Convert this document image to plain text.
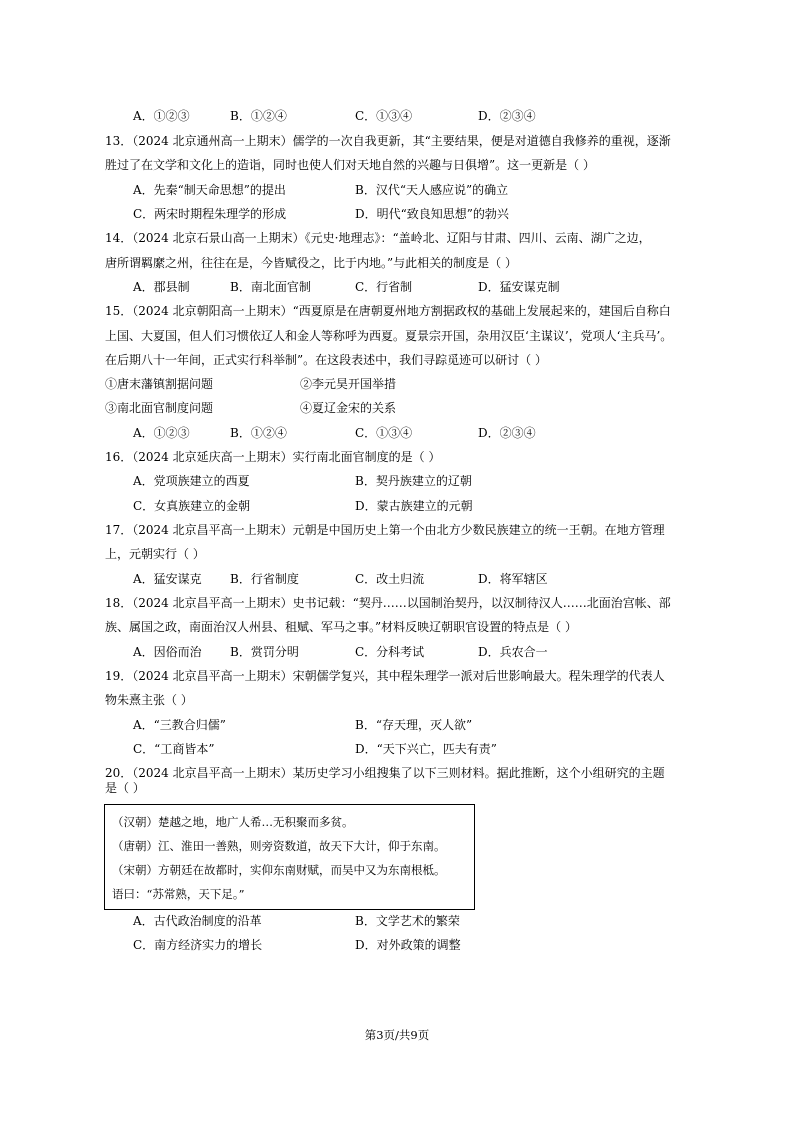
A．①②③	B．①②④	C．①③④	D．②③④
13．（2024 北京通州高一上期末）儒学的一次自我更新，其“主要结果，便是对道德自我修养的重视，逐渐
胜过了在文学和文化上的造诣，同时也使人们对天地自然的兴趣与日俱增”。这一更新是（ ）
A．先秦“制天命思想”的提出	B．汉代“天人感应说”的确立
C．两宋时期程朱理学的形成	D．明代“致良知思想”的勃兴
14．（2024 北京石景山高一上期末）《元史·地理志》：“盖岭北、辽阳与甘肃、四川、云南、湖广之边，
唐所谓羁縻之州，往往在是，今皆赋役之，比于内地。”与此相关的制度是（ ）
A．郡县制	B．南北面官制	C．行省制	D．猛安谋克制
15．（2024 北京朝阳高一上期末）“西夏原是在唐朝夏州地方割据政权的基础上发展起来的，建国后自称白
上国、大夏国，但人们习惯依辽人和金人等称呼为西夏。夏景宗开国，杂用汉臣‘主谋议’，党项人‘主兵马’。
在后期八十一年间，正式实行科举制”。在这段表述中，我们寻踪觅迹可以研讨（ ）
①唐末藩镇割据问题	②李元昊开国举措
③南北面官制度问题	④夏辽金宋的关系
A．①②③	B．①②④	C．①③④	D．②③④
16．（2024 北京延庆高一上期末）实行南北面官制度的是（ ）
A．党项族建立的西夏	B．契丹族建立的辽朝
C．女真族建立的金朝	D．蒙古族建立的元朝
17．（2024 北京昌平高一上期末）元朝是中国历史上第一个由北方少数民族建立的统一王朝。在地方管理
上，元朝实行（ ）
A．猛安谋克 B．行省制度	C．改土归流	D．将军辖区
18．（2024 北京昌平高一上期末）史书记载：“契丹……以国制治契丹，以汉制待汉人……北面治宫帐、部
族、属国之政，南面治汉人州县、租赋、军马之事。”材料反映辽朝职官设置的特点是（ ）
A．因俗而治 B．赏罚分明	C．分科考试	D．兵农合一
19．（2024 北京昌平高一上期末）宋朝儒学复兴，其中程朱理学一派对后世影响最大。程朱理学的代表人
物朱熹主张（ ）
A．“三教合归儒”	B．“存天理，灭人欲”
C．“工商皆本”	D．“天下兴亡，匹夫有责”
20．（2024 北京昌平高一上期末）某历史学习小组搜集了以下三则材料。据此推断，这个小组研究的主题
是（ ）
（汉朝）楚越之地，地广人希…无积聚而多贫。
（唐朝）江、淮田一善熟，则旁资数道，故天下大计，仰于东南。
（宋朝）方朝廷在故都时，实仰东南财赋，而吴中又为东南根柢。
语曰：“苏常熟，天下足。”
A．古代政治制度的沿革	B．文学艺术的繁荣
C．南方经济实力的增长	D．对外政策的调整
第3页/共9页
